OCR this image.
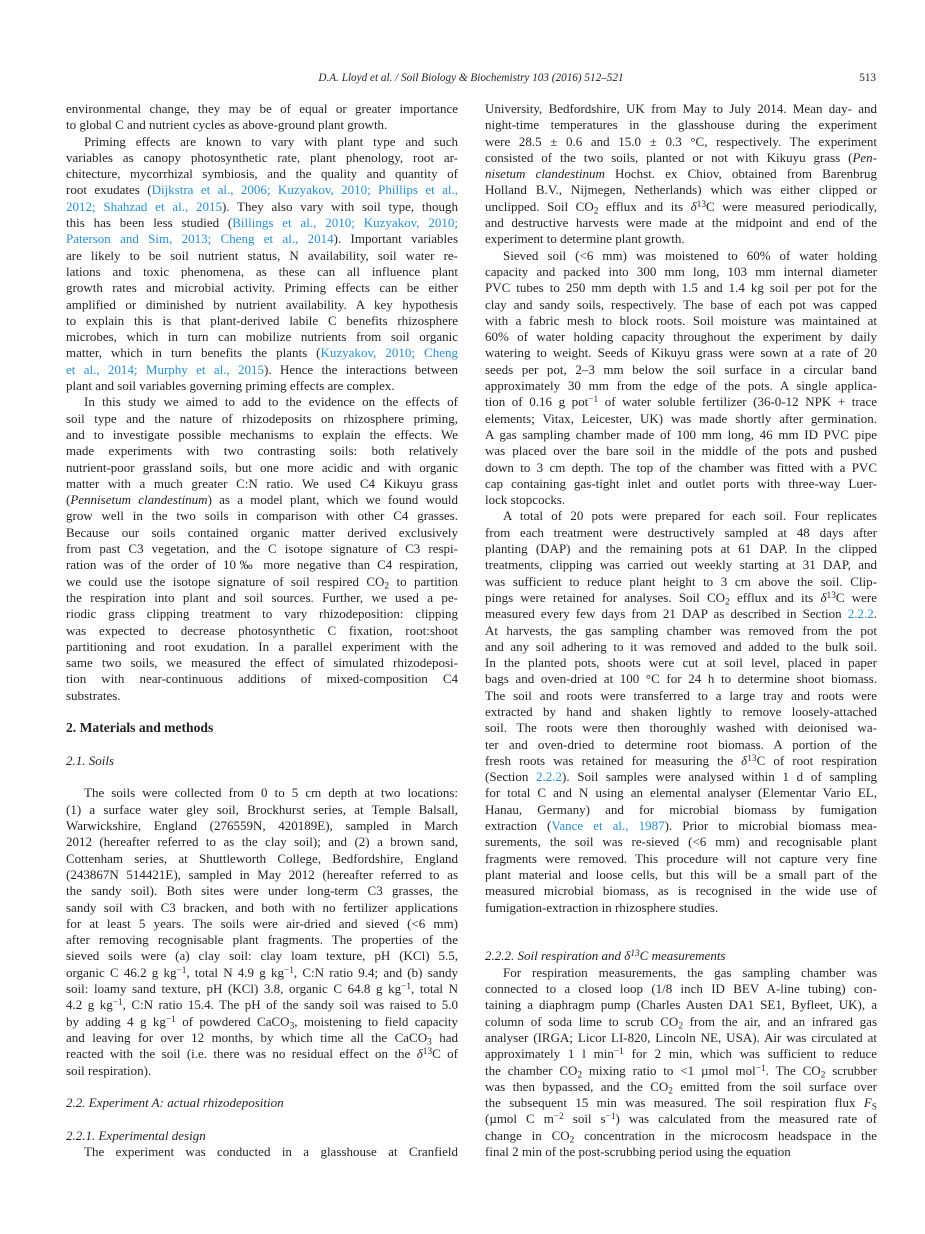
D.A. Lloyd et al. / Soil Biology & Biochemistry 103 (2016) 512–521	513
environmental change, they may be of equal or greater importance
to global C and nutrient cycles as above-ground plant growth.
Priming effects are known to vary with plant type and such
variables as canopy photosynthetic rate, plant phenology, root ar-
chitecture, mycorrhizal symbiosis, and the quality and quantity of
root exudates (Dijkstra et al., 2006; Kuzyakov, 2010; Phillips et al.,
2012; Shahzad et al., 2015). They also vary with soil type, though
this has been less studied (Billings et al., 2010; Kuzyakov, 2010;
Paterson and Sim, 2013; Cheng et al., 2014). Important variables
are likely to be soil nutrient status, N availability, soil water re-
lations and toxic phenomena, as these can all influence plant
growth rates and microbial activity. Priming effects can be either
amplified or diminished by nutrient availability. A key hypothesis
to explain this is that plant-derived labile C benefits rhizosphere
microbes, which in turn can mobilize nutrients from soil organic
matter, which in turn benefits the plants (Kuzyakov, 2010; Cheng
et al., 2014; Murphy et al., 2015). Hence the interactions between
plant and soil variables governing priming effects are complex.
In this study we aimed to add to the evidence on the effects of
soil type and the nature of rhizodeposits on rhizosphere priming,
and to investigate possible mechanisms to explain the effects. We
made experiments with two contrasting soils: both relatively
nutrient-poor grassland soils, but one more acidic and with organic
matter with a much greater C:N ratio. We used C4 Kikuyu grass
(Pennisetum clandestinum) as a model plant, which we found would
grow well in the two soils in comparison with other C4 grasses.
Because our soils contained organic matter derived exclusively
from past C3 vegetation, and the C isotope signature of C3 respi-
ration was of the order of 10‰ more negative than C4 respiration,
we could use the isotope signature of soil respired CO2 to partition
the respiration into plant and soil sources. Further, we used a pe-
riodic grass clipping treatment to vary rhizodeposition: clipping
was expected to decrease photosynthetic C fixation, root:shoot
partitioning and root exudation. In a parallel experiment with the
same two soils, we measured the effect of simulated rhizodeposi-
tion with near-continuous additions of mixed-composition C4
substrates.
2. Materials and methods
2.1. Soils
The soils were collected from 0 to 5 cm depth at two locations:
(1) a surface water gley soil, Brockhurst series, at Temple Balsall,
Warwickshire, England (276559N, 420189E), sampled in March
2012 (hereafter referred to as the clay soil); and (2) a brown sand,
Cottenham series, at Shuttleworth College, Bedfordshire, England
(243867N 514421E), sampled in May 2012 (hereafter referred to as
the sandy soil). Both sites were under long-term C3 grasses, the
sandy soil with C3 bracken, and both with no fertilizer applications
for at least 5 years. The soils were air-dried and sieved (<6 mm)
after removing recognisable plant fragments. The properties of the
sieved soils were (a) clay soil: clay loam texture, pH (KCl) 5.5,
organic C 46.2 g $kg^{-1}$, total N 4.9 g $kg^{-1}$, C:N ratio 9.4; and (b) sandy
soil: loamy sand texture, pH (KCl) 3.8, organic C 64.8 g $kg^{-1}$, total N
4.2 g $kg^{-1}$, C:N ratio 15.4. The pH of the sandy soil was raised to 5.0
by adding 4 g $kg^{-1}$ of powdered CaCO3, moistening to field capacity
and leaving for over 12 months, by which time all the CaCO3 had
reacted with the soil (i.e. there was no residual effect on the $\delta^{13}C$ of
soil respiration).
2.2. Experiment A: actual rhizodeposition
2.2.1. Experimental design
The experiment was conducted in a glasshouse at Cranfield
University, Bedfordshire, UK from May to July 2014. Mean day- and
night-time temperatures in the glasshouse during the experiment
were 28.5 ± 0.6 and 15.0 ± 0.3 °C, respectively. The experiment
consisted of the two soils, planted or not with Kikuyu grass (Pen-
nisetum clandestinum Hochst. ex Chiov, obtained from Barenbrug
Holland B.V., Nijmegen, Netherlands) which was either clipped or
unclipped. Soil CO2 efflux and its $\delta^{13}C$ were measured periodically,
and destructive harvests were made at the midpoint and end of the
experiment to determine plant growth.
Sieved soil (<6 mm) was moistened to 60% of water holding
capacity and packed into 300 mm long, 103 mm internal diameter
PVC tubes to 250 mm depth with 1.5 and 1.4 kg soil per pot for the
clay and sandy soils, respectively. The base of each pot was capped
with a fabric mesh to block roots. Soil moisture was maintained at
60% of water holding capacity throughout the experiment by daily
watering to weight. Seeds of Kikuyu grass were sown at a rate of 20
seeds per pot, 2–3 mm below the soil surface in a circular band
approximately 30 mm from the edge of the pots. A single applica-
tion of 0.16 g pot$^{-1}$ of water soluble fertilizer (36-0-12 NPK + trace
elements; Vitax, Leicester, UK) was made shortly after germination.
A gas sampling chamber made of 100 mm long, 46 mm ID PVC pipe
was placed over the bare soil in the middle of the pots and pushed
down to 3 cm depth. The top of the chamber was fitted with a PVC
cap containing gas-tight inlet and outlet ports with three-way Luer-
lock stopcocks.
A total of 20 pots were prepared for each soil. Four replicates
from each treatment were destructively sampled at 48 days after
planting (DAP) and the remaining pots at 61 DAP. In the clipped
treatments, clipping was carried out weekly starting at 31 DAP, and
was sufficient to reduce plant height to 3 cm above the soil. Clip-
pings were retained for analyses. Soil CO2 efflux and its $\delta^{13}C$ were
measured every few days from 21 DAP as described in Section 2.2.2.
At harvests, the gas sampling chamber was removed from the pot
and any soil adhering to it was removed and added to the bulk soil.
In the planted pots, shoots were cut at soil level, placed in paper
bags and oven-dried at 100 °C for 24 h to determine shoot biomass.
The soil and roots were transferred to a large tray and roots were
extracted by hand and shaken lightly to remove loosely-attached
soil. The roots were then thoroughly washed with deionised wa-
ter and oven-dried to determine root biomass. A portion of the
fresh roots was retained for measuring the $\delta^{13}C$ of root respiration
(Section 2.2.2). Soil samples were analysed within 1 d of sampling
for total C and N using an elemental analyser (Elementar Vario EL,
Hanau, Germany) and for microbial biomass by fumigation
extraction (Vance et al., 1987). Prior to microbial biomass mea-
surements, the soil was re-sieved (<6 mm) and recognisable plant
fragments were removed. This procedure will not capture very fine
plant material and loose cells, but this will be a small part of the
measured microbial biomass, as is recognised in the wide use of
fumigation-extraction in rhizosphere studies.
2.2.2. Soil respiration and $\delta^{13}C$ measurements
For respiration measurements, the gas sampling chamber was
connected to a closed loop (1/8 inch ID BEV A-line tubing) con-
taining a diaphragm pump (Charles Austen DA1 SE1, Byfleet, UK), a
column of soda lime to scrub CO2 from the air, and an infrared gas
analyser (IRGA; Licor LI-820, Lincoln NE, USA). Air was circulated at
approximately 1 l $\min^{-1}$ for 2 min, which was sufficient to reduce
the chamber CO2 mixing ratio to <1 µmol mol$^{-1}$. The CO2 scrubber
was then bypassed, and the CO2 emitted from the soil surface over
the subsequent 15 min was measured. The soil respiration flux FS
(µmol C $m^{-2}$ soil $s^{-1}$) was calculated from the measured rate of
change in CO2 concentration in the microcosm headspace in the
final 2 min of the post-scrubbing period using the equation
